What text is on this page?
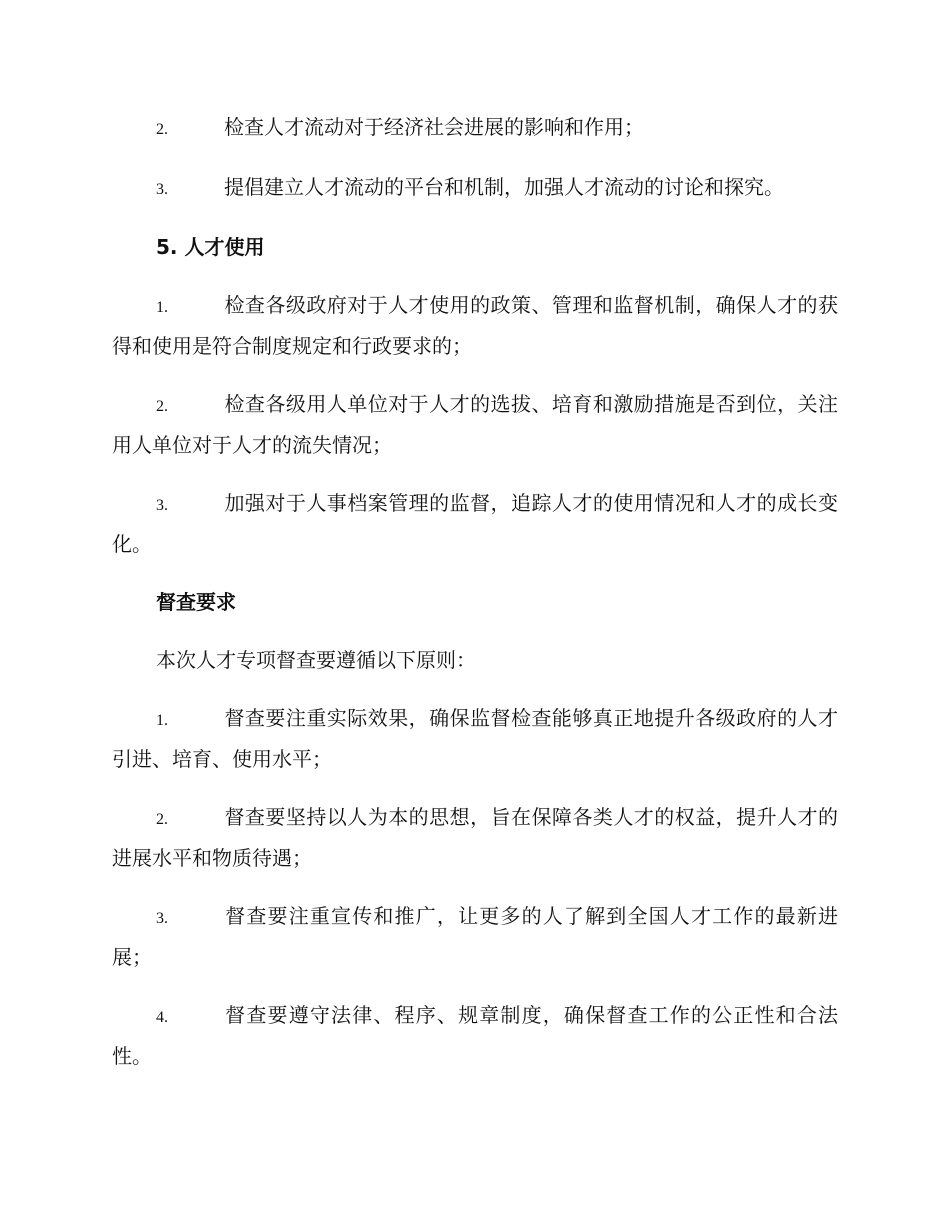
2.	检查人才流动对于经济社会进展的影响和作用；

3.	提倡建立人才流动的平台和机制，加强人才流动的讨论和探究。

5. 人才使用

1.	检查各级政府对于人才使用的政策、管理和监督机制，确保人才的获得和使用是符合制度规定和行政要求的；

2.	检查各级用人单位对于人才的选拔、培育和激励措施是否到位，关注用人单位对于人才的流失情况；

3.	加强对于人事档案管理的监督，追踪人才的使用情况和人才的成长变化。

督查要求

本次人才专项督查要遵循以下原则：

1.	督查要注重实际效果，确保监督检查能够真正地提升各级政府的人才引进、培育、使用水平；

2.	督查要坚持以人为本的思想，旨在保障各类人才的权益，提升人才的进展水平和物质待遇；

3.	督查要注重宣传和推广，让更多的人了解到全国人才工作的最新进展；

4.	督查要遵守法律、程序、规章制度，确保督查工作的公正性和合法性。
